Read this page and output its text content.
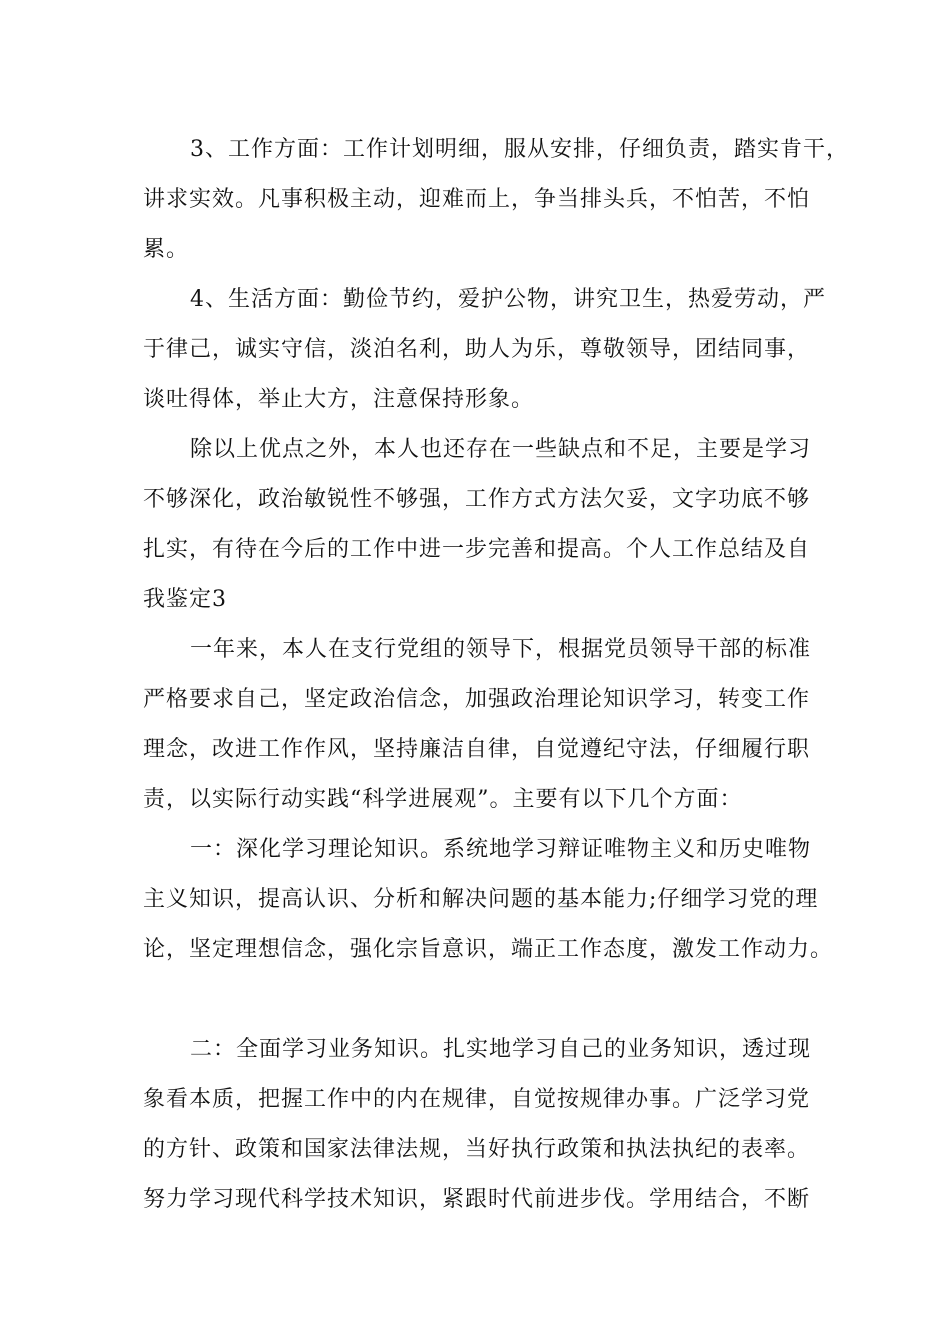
3、工作方面：工作计划明细，服从安排，仔细负责，踏实肯干，
讲求实效。凡事积极主动，迎难而上，争当排头兵，不怕苦，不怕
累。
4、生活方面：勤俭节约，爱护公物，讲究卫生，热爱劳动，严
于律己，诚实守信，淡泊名利，助人为乐，尊敬领导，团结同事，
谈吐得体，举止大方，注意保持形象。
除以上优点之外，本人也还存在一些缺点和不足，主要是学习
不够深化，政治敏锐性不够强，工作方式方法欠妥，文字功底不够
扎实，有待在今后的工作中进一步完善和提高。个人工作总结及自
我鉴定3
一年来，本人在支行党组的领导下，根据党员领导干部的标准
严格要求自己，坚定政治信念，加强政治理论知识学习，转变工作
理念，改进工作作风，坚持廉洁自律，自觉遵纪守法，仔细履行职
责，以实际行动实践“科学进展观”。主要有以下几个方面：
一：深化学习理论知识。系统地学习辩证唯物主义和历史唯物
主义知识，提高认识、分析和解决问题的基本能力;仔细学习党的理
论，坚定理想信念，强化宗旨意识，端正工作态度，激发工作动力。
二：全面学习业务知识。扎实地学习自己的业务知识，透过现
象看本质，把握工作中的内在规律，自觉按规律办事。广泛学习党
的方针、政策和国家法律法规，当好执行政策和执法执纪的表率。
努力学习现代科学技术知识，紧跟时代前进步伐。学用结合，不断
